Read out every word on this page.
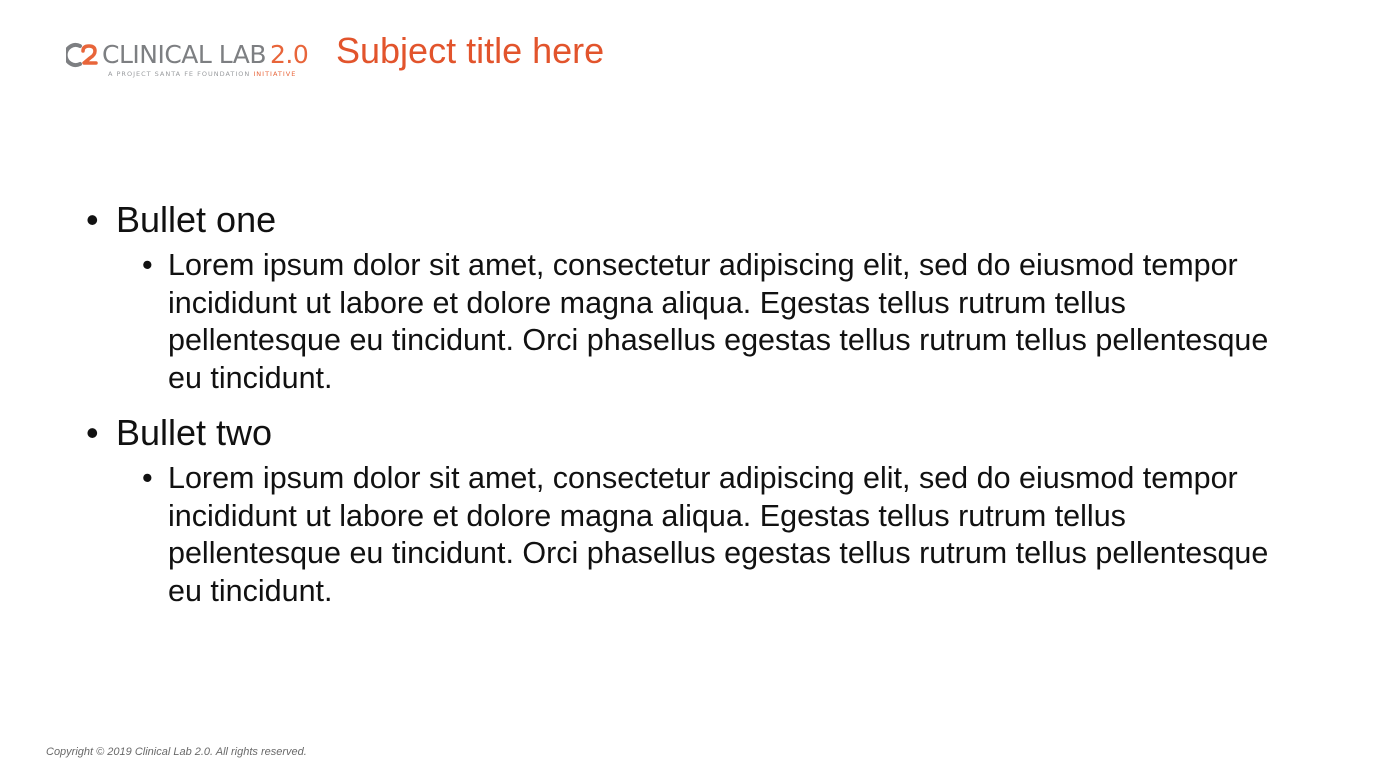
CLINICAL LAB 2.0
A PROJECT SANTA FE FOUNDATION INITIATIVE
Subject title here

• Bullet one

• Lorem ipsum dolor sit amet, consectetur adipiscing elit, sed do eiusmod tempor incididunt ut labore et dolore magna aliqua. Egestas tellus rutrum tellus pellentesque eu tincidunt. Orci phasellus egestas tellus rutrum tellus pellentesque eu tincidunt.

• Bullet two

• Lorem ipsum dolor sit amet, consectetur adipiscing elit, sed do eiusmod tempor incididunt ut labore et dolore magna aliqua. Egestas tellus rutrum tellus pellentesque eu tincidunt. Orci phasellus egestas tellus rutrum tellus pellentesque eu tincidunt.
Copyright © 2019 Clinical Lab 2.0. All rights reserved.
